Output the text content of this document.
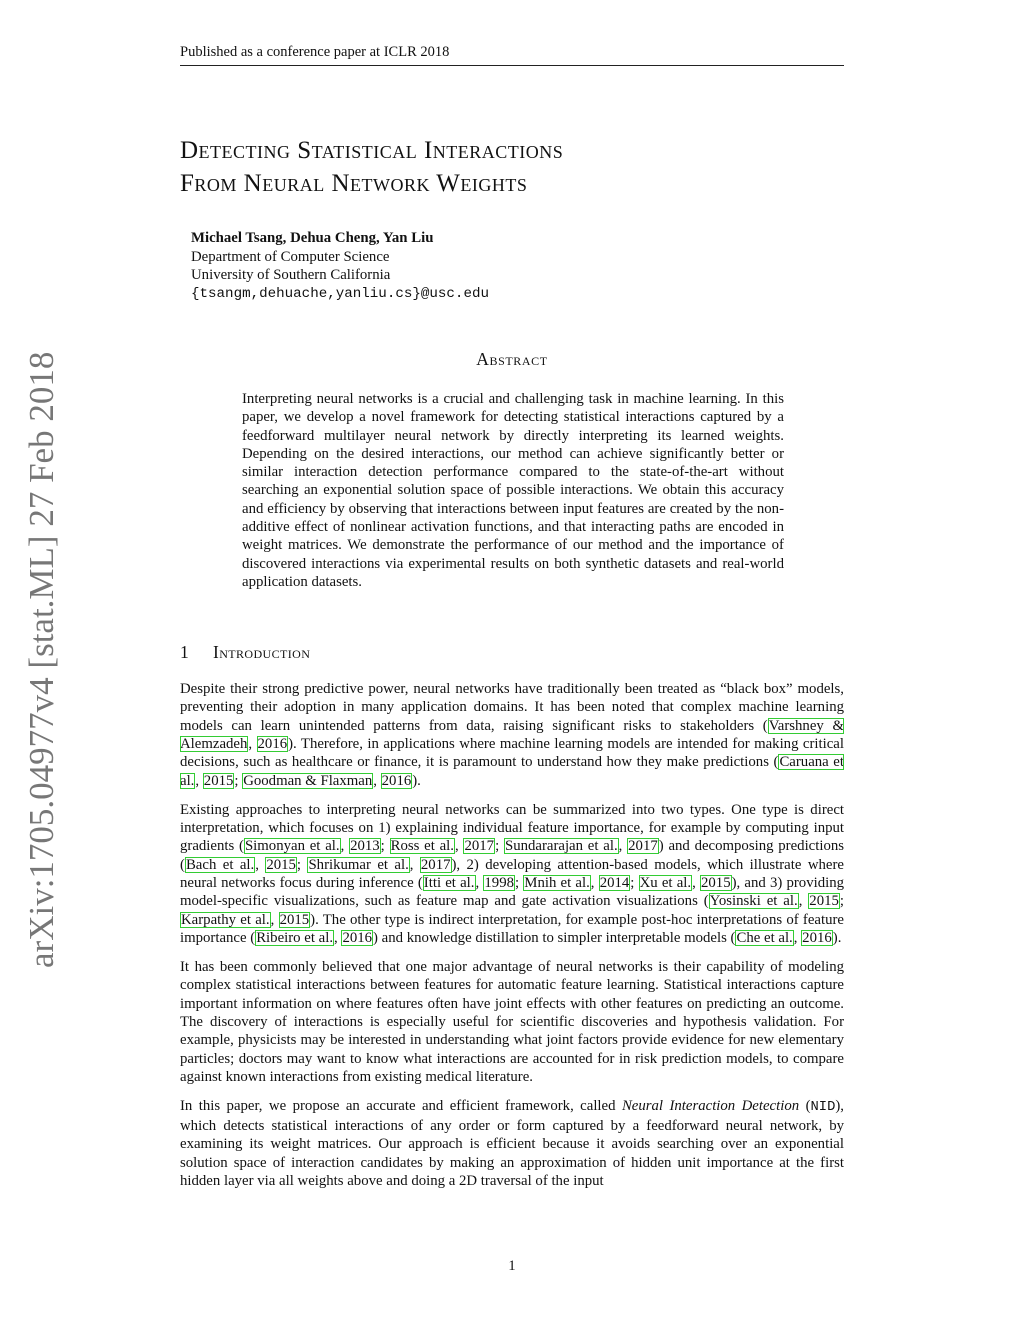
Published as a conference paper at ICLR 2018
arXiv:1705.04977v4 [stat.ML] 27 Feb 2018
Detecting Statistical Interactions
From Neural Network Weights
Michael Tsang, Dehua Cheng, Yan Liu
Department of Computer Science
University of Southern California
{tsangm,dehuache,yanliu.cs}@usc.edu
Abstract
Interpreting neural networks is a crucial and challenging task in machine learning. In this paper, we develop a novel framework for detecting statistical interactions captured by a feedforward multilayer neural network by directly interpreting its learned weights. Depending on the desired interactions, our method can achieve significantly better or similar interaction detection performance compared to the state-of-the-art without searching an exponential solution space of possible interactions. We obtain this accuracy and efficiency by observing that interactions between input features are created by the non-additive effect of nonlinear activation functions, and that interacting paths are encoded in weight matrices. We demonstrate the performance of our method and the importance of discovered interactions via experimental results on both synthetic datasets and real-world application datasets.
1 Introduction

Despite their strong predictive power, neural networks have traditionally been treated as “black box” models, preventing their adoption in many application domains. It has been noted that complex machine learning models can learn unintended patterns from data, raising significant risks to stakeholders (Varshney & Alemzadeh, 2016). Therefore, in applications where machine learning models are intended for making critical decisions, such as healthcare or finance, it is paramount to understand how they make predictions (Caruana et al., 2015; Goodman & Flaxman, 2016).

Existing approaches to interpreting neural networks can be summarized into two types. One type is direct interpretation, which focuses on 1) explaining individual feature importance, for example by computing input gradients (Simonyan et al., 2013; Ross et al., 2017; Sundararajan et al., 2017) and decomposing predictions (Bach et al., 2015; Shrikumar et al., 2017), 2) developing attention-based models, which illustrate where neural networks focus during inference (Itti et al., 1998; Mnih et al., 2014; Xu et al., 2015), and 3) providing model-specific visualizations, such as feature map and gate activation visualizations (Yosinski et al., 2015; Karpathy et al., 2015). The other type is indirect interpretation, for example post-hoc interpretations of feature importance (Ribeiro et al., 2016) and knowledge distillation to simpler interpretable models (Che et al., 2016).

It has been commonly believed that one major advantage of neural networks is their capability of modeling complex statistical interactions between features for automatic feature learning. Statistical interactions capture important information on where features often have joint effects with other features on predicting an outcome. The discovery of interactions is especially useful for scientific discoveries and hypothesis validation. For example, physicists may be interested in understanding what joint factors provide evidence for new elementary particles; doctors may want to know what interactions are accounted for in risk prediction models, to compare against known interactions from existing medical literature.

In this paper, we propose an accurate and efficient framework, called Neural Interaction Detection (NID), which detects statistical interactions of any order or form captured by a feedforward neural network, by examining its weight matrices. Our approach is efficient because it avoids searching over an exponential solution space of interaction candidates by making an approximation of hidden unit importance at the first hidden layer via all weights above and doing a 2D traversal of the input

1
